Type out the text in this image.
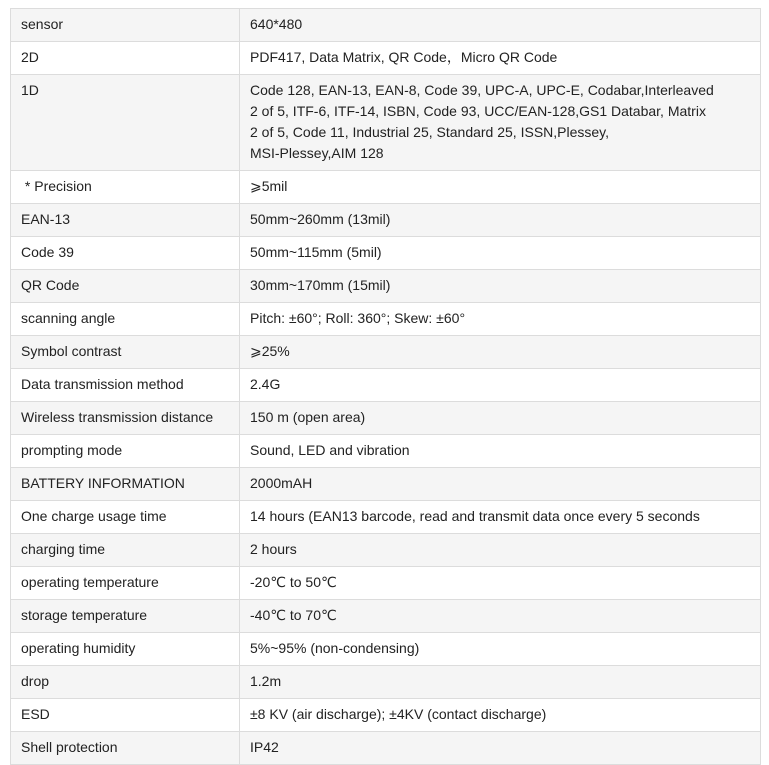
sensor	640*480

2D	PDF417, Data Matrix, QR Code，Micro QR Code

1D	Code 128, EAN-13, EAN-8, Code 39, UPC-A, UPC-E, Codabar,Interleaved
2 of 5, ITF-6, ITF-14, ISBN, Code 93, UCC/EAN-128,GS1 Databar, Matrix
2 of 5, Code 11, Industrial 25, Standard 25, ISSN,Plessey,
MSI-Plessey,AIM 128

* Precision	⩾5mil

EAN-13	50mm~260mm (13mil)

Code 39	50mm~115mm (5mil)

QR Code	30mm~170mm (15mil)

scanning angle	Pitch: ±60°; Roll: 360°; Skew: ±60°

Symbol contrast	⩾25%

Data transmission method	2.4G

Wireless transmission distance	150 m (open area)

prompting mode	Sound, LED and vibration

BATTERY INFORMATION	2000mAH

One charge usage time	14 hours (EAN13 barcode, read and transmit data once every 5 seconds

charging time	2 hours

operating temperature	-20℃ to 50℃

storage temperature	-40℃ to 70℃

operating humidity	5%~95% (non-condensing)

drop	1.2m

ESD	±8 KV (air discharge); ±4KV (contact discharge)

Shell protection	IP42
